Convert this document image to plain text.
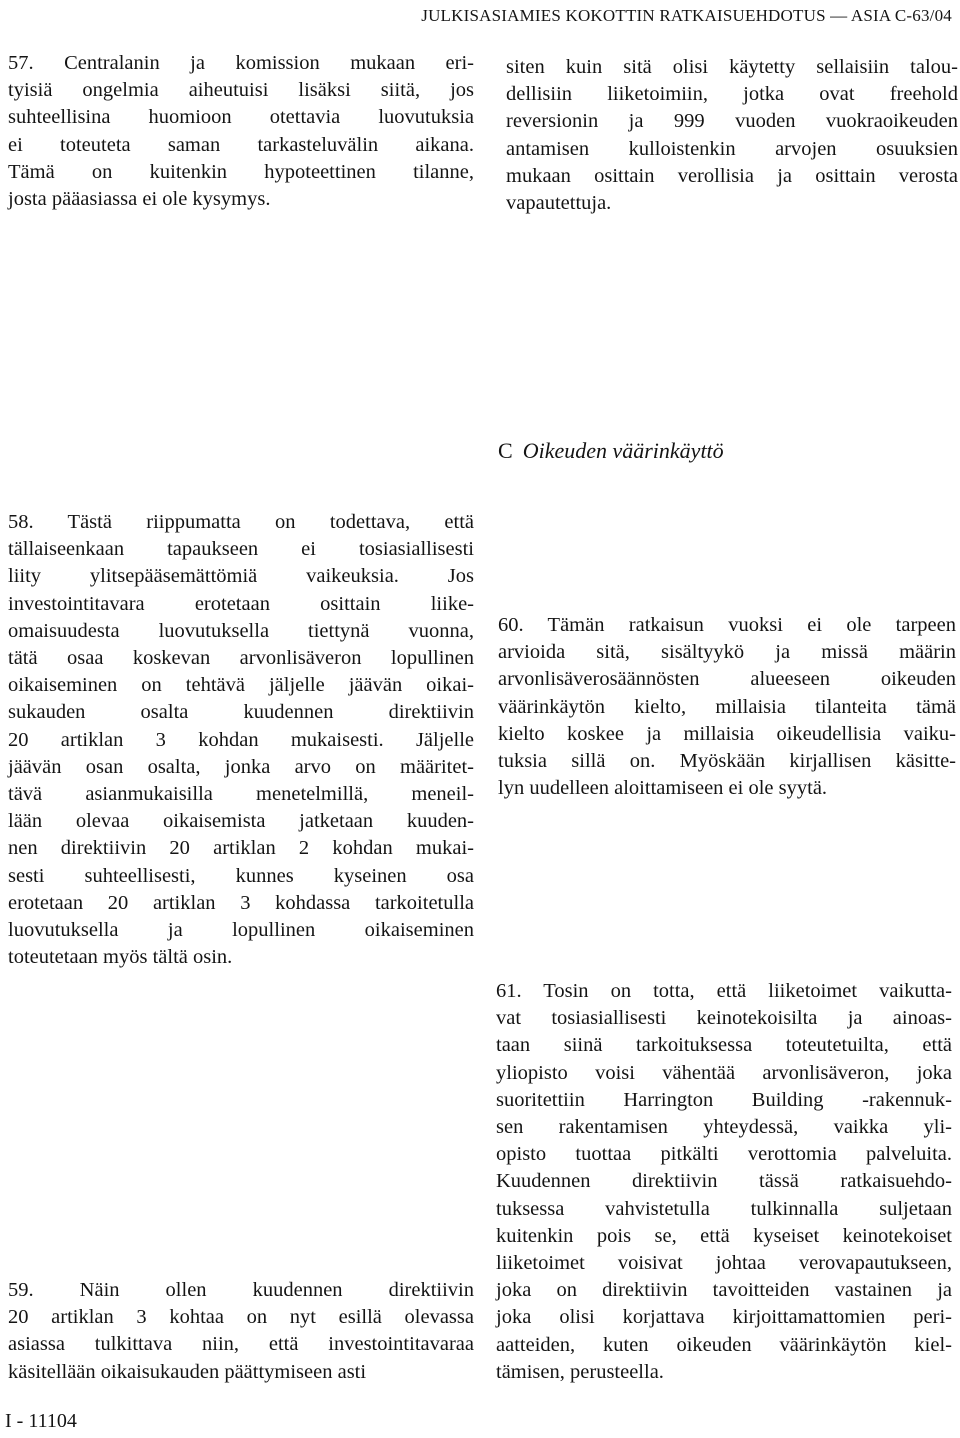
JULKISASIAMIES KOKOTTIN RATKAISUEHDOTUS — ASIA C-63/04
57. Centralanin ja komission mukaan eri-
tyisiä ongelmia aiheutuisi lisäksi siitä, jos
suhteellisina huomioon otettavia luovutuksia
ei toteuteta saman tarkasteluvälin aikana.
Tämä on kuitenkin hypoteettinen tilanne,
josta pääasiassa ei ole kysymys.
siten kuin sitä olisi käytetty sellaisiin talou-
dellisiin liiketoimiin, jotka ovat freehold
reversionin ja 999 vuoden vuokraoikeuden
antamisen kulloistenkin arvojen osuuksien
mukaan osittain verollisia ja osittain verosta
vapautettuja.
C Oikeuden väärinkäyttö
58. Tästä riippumatta on todettava, että
tällaiseenkaan tapaukseen ei tosiasiallisesti
liity ylitsepääsemättömiä vaikeuksia. Jos
investointitavara erotetaan osittain liike-
omaisuudesta luovutuksella tiettynä vuonna,
tätä osaa koskevan arvonlisäveron lopullinen
oikaiseminen on tehtävä jäljelle jäävän oikai-
sukauden osalta kuudennen direktiivin
20 artiklan 3 kohdan mukaisesti. Jäljelle
jäävän osan osalta, jonka arvo on määritet-
tävä asianmukaisilla menetelmillä, meneil-
lään olevaa oikaisemista jatketaan kuuden-
nen direktiivin 20 artiklan 2 kohdan mukai-
sesti suhteellisesti, kunnes kyseinen osa
erotetaan 20 artiklan 3 kohdassa tarkoitetulla
luovutuksella ja lopullinen oikaiseminen
toteutetaan myös tältä osin.
60. Tämän ratkaisun vuoksi ei ole tarpeen
arvioida sitä, sisältyykö ja missä määrin
arvonlisäverosäännösten alueeseen oikeuden
väärinkäytön kielto, millaisia tilanteita tämä
kielto koskee ja millaisia oikeudellisia vaiku-
tuksia sillä on. Myöskään kirjallisen käsitte-
lyn uudelleen aloittamiseen ei ole syytä.
61. Tosin on totta, että liiketoimet vaikutta-
vat tosiasiallisesti keinotekoisilta ja ainoas-
taan siinä tarkoituksessa toteutetuilta, että
yliopisto voisi vähentää arvonlisäveron, joka
suoritettiin Harrington Building -rakennuk-
sen rakentamisen yhteydessä, vaikka yli-
opisto tuottaa pitkälti verottomia palveluita.
Kuudennen direktiivin tässä ratkaisuehdo-
tuksessa vahvistetulla tulkinnalla suljetaan
kuitenkin pois se, että kyseiset keinotekoiset
liiketoimet voisivat johtaa verovapautukseen,
joka on direktiivin tavoitteiden vastainen ja
joka olisi korjattava kirjoittamattomien peri-
aatteiden, kuten oikeuden väärinkäytön kiel-
tämisen, perusteella.
59. Näin ollen kuudennen direktiivin
20 artiklan 3 kohtaa on nyt esillä olevassa
asiassa tulkittava niin, että investointitavaraa
käsitellään oikaisukauden päättymiseen asti
I - 11104
